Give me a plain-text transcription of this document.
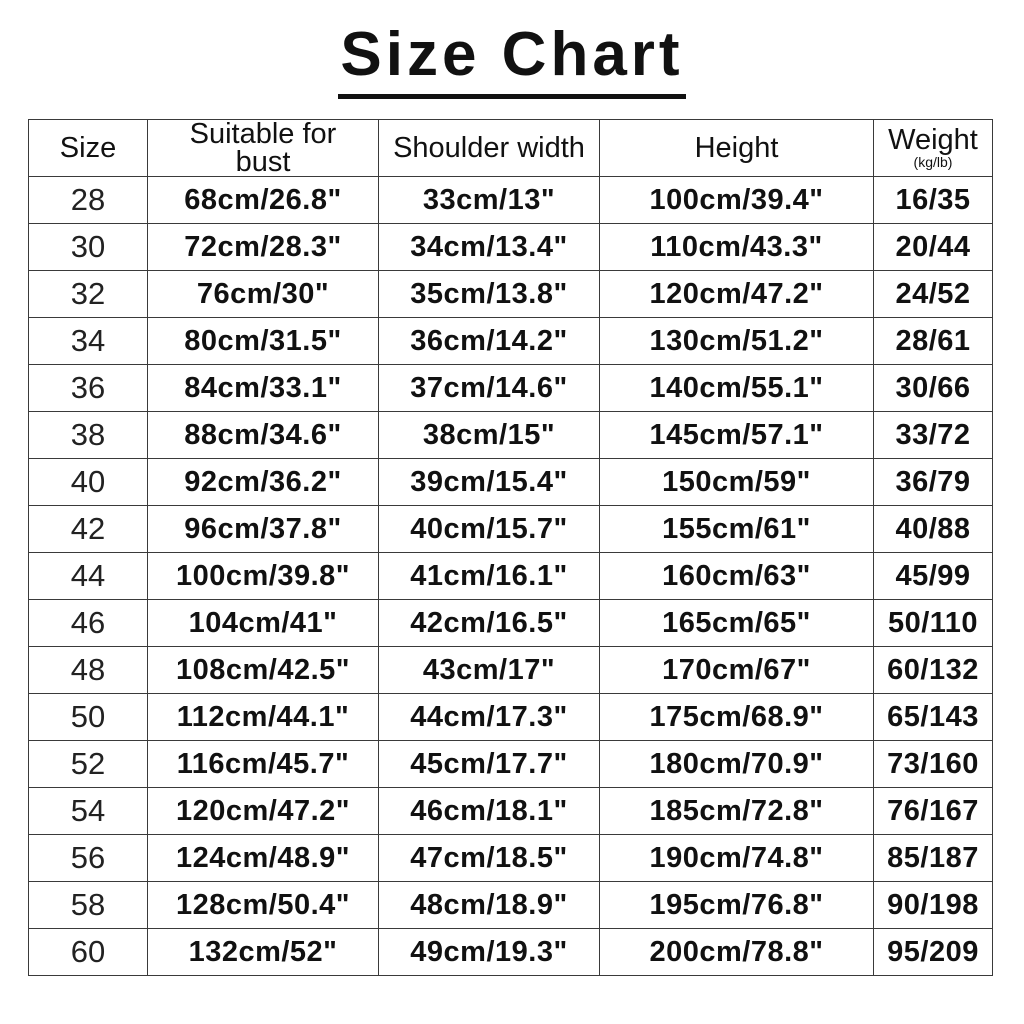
Size Chart
Size	Suitable for bust	Shoulder width	Height	Weight
(kg/lb)

28	68cm/26.8"	33cm/13"	100cm/39.4"	16/35
30	72cm/28.3"	34cm/13.4"	110cm/43.3"	20/44
32	76cm/30"	35cm/13.8"	120cm/47.2"	24/52
34	80cm/31.5"	36cm/14.2"	130cm/51.2"	28/61
36	84cm/33.1"	37cm/14.6"	140cm/55.1"	30/66
38	88cm/34.6"	38cm/15"	145cm/57.1"	33/72
40	92cm/36.2"	39cm/15.4"	150cm/59"	36/79
42	96cm/37.8"	40cm/15.7"	155cm/61"	40/88
44	100cm/39.8"	41cm/16.1"	160cm/63"	45/99
46	104cm/41"	42cm/16.5"	165cm/65"	50/110
48	108cm/42.5"	43cm/17"	170cm/67"	60/132
50	112cm/44.1"	44cm/17.3"	175cm/68.9"	65/143
52	116cm/45.7"	45cm/17.7"	180cm/70.9"	73/160
54	120cm/47.2"	46cm/18.1"	185cm/72.8"	76/167
56	124cm/48.9"	47cm/18.5"	190cm/74.8"	85/187
58	128cm/50.4"	48cm/18.9"	195cm/76.8"	90/198
60	132cm/52"	49cm/19.3"	200cm/78.8"	95/209
